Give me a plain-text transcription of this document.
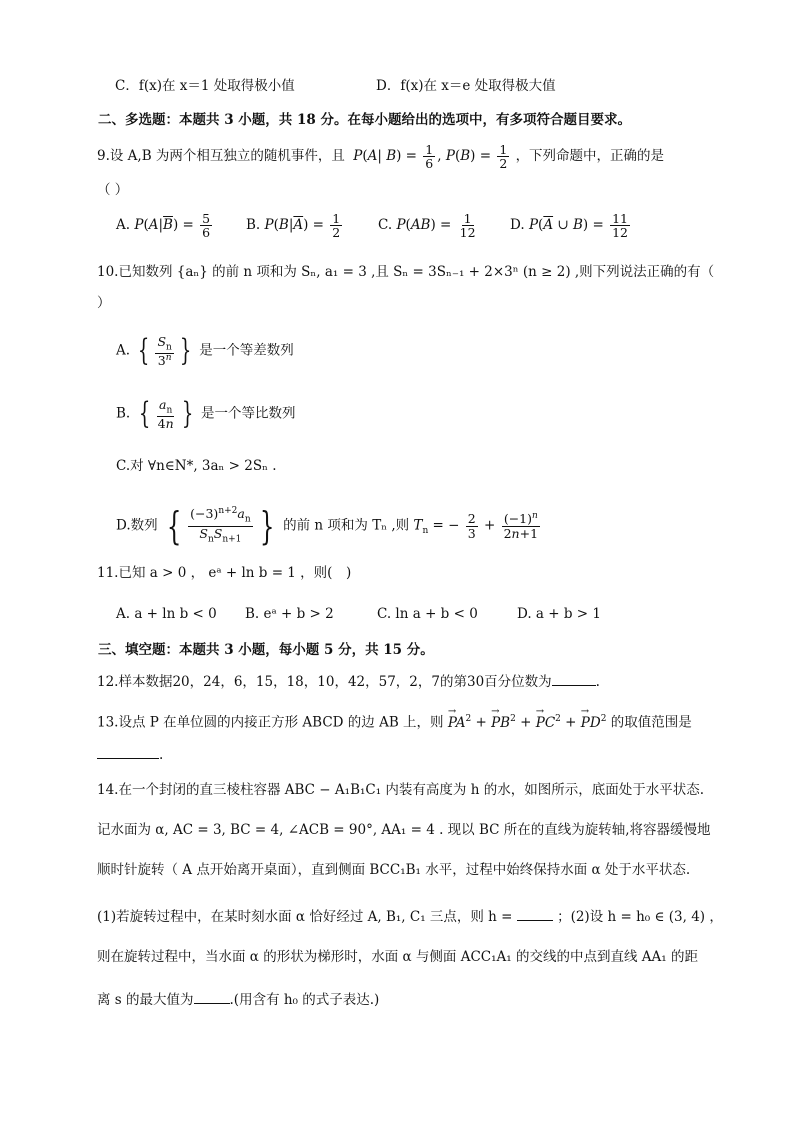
C．f(x)在 x＝1 处取得极小值	D．f(x)在 x＝e 处取得极大值
二、多选题：本题共 3 小题，共 18 分。在每小题给出的选项中，有多项符合题目要求。
9.设 A,B 为两个相互独立的随机事件，且 P(A| $B) = \frac{1}{6}$ , $P(B) = \frac{1}{2}$ ，下列命题中，正确的是
（ ）
A. $P(A|\overline{B}) = \frac{5}{6}$	B. $P(B|\overline{A}) = \frac{1}{2}$	C. $P(AB) = \frac{1}{12} D$. $P(\overline{A}$ ∪ $B) = \frac{11}{12}$
10.已知数列 {aₙ} 的前 n 项和为 Sₙ, a₁ = 3 ,且 Sₙ = 3Sₙ₋₁ + 2×3ⁿ (n ≥ 2) ,则下列说法正确的有（
）
A. { $\frac{S_n}{3^n}$ } 是一个等差数列
B. { $\frac{a_n}{4n}$ } 是一个等比数列
C.对 ∀n∈N*, 3aₙ > 2Sₙ .
D.数列 { $\frac{(-3)^{n+2}a_n}{S_nS_{n+1}}$ } 的前 n 项和为 Tₙ ,则 $T_n$ = − $\frac{2}{3} + \frac{(-1)^n}{2n+1}$
11.已知 a > 0 ， eᵃ + ln b = 1 ，则(　)
A. a + ln b < 0 B. eᵃ + b > 2	C. ln a + b < 0	D. a + b > 1
三、填空题：本题共 3 小题，每小题 5 分，共 15 分。
12.样本数据20，24，6，15，18，10，42，57，2，7的第30百分位数为	.
13.设点 P 在单位圆的内接正方形 ABCD 的边 AB 上，则 → $PA^2$ + → $PB^2$ + → $PC^2$ + → $PD^2$ 的取值范围是
.
14.在一个封闭的直三棱柱容器 ABC − A₁B₁C₁ 内装有高度为 h 的水，如图所示，底面处于水平状态.
记水面为 α, AC = 3, BC = 4, ∠ACB = 90°, AA₁ = 4 . 现以 BC 所在的直线为旋转轴,将容器缓慢地
顺时针旋转（ A 点开始离开桌面），直到侧面 BCC₁B₁ 水平，过程中始终保持水面 α 处于水平状态.
(1)若旋转过程中，在某时刻水面 α 恰好经过 A, B₁, C₁ 三点，则 h =	；(2)设 h = h₀ ∈ (3, 4) ，
则在旋转过程中，当水面 α 的形状为梯形时，水面 α 与侧面 ACC₁A₁ 的交线的中点到直线 AA₁ 的距
离 s 的最大值为	.(用含有 h₀ 的式子表达.)
